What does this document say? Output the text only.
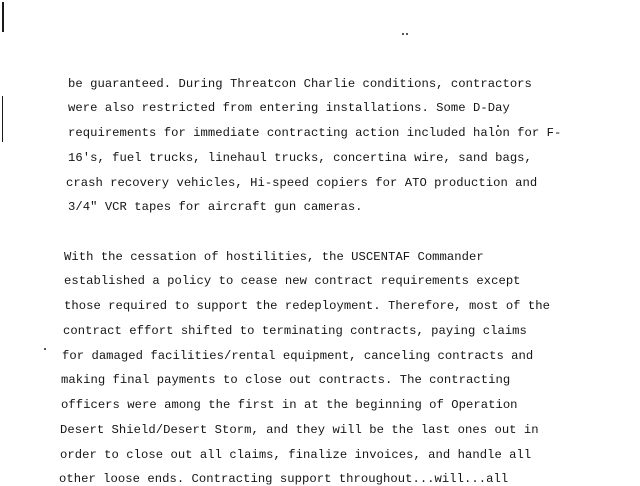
be guaranteed. During Threatcon Charlie conditions, contractors
were also restricted from entering installations. Some D-Day
requirements for immediate contracting action included halon for F-
16's, fuel trucks, linehaul trucks, concertina wire, sand bags,
crash recovery vehicles, Hi-speed copiers for ATO production and
3/4" VCR tapes for aircraft gun cameras.
With the cessation of hostilities, the USCENTAF Commander
established a policy to cease new contract requirements except
those required to support the redeployment. Therefore, most of the
contract effort shifted to terminating contracts, paying claims
for damaged facilities/rental equipment, canceling contracts and
making final payments to close out contracts. The contracting
officers were among the first in at the beginning of Operation
Desert Shield/Desert Storm, and they will be the last ones out in
order to close out all claims, finalize invoices, and handle all
other loose ends. Contracting support throughout...will...all
